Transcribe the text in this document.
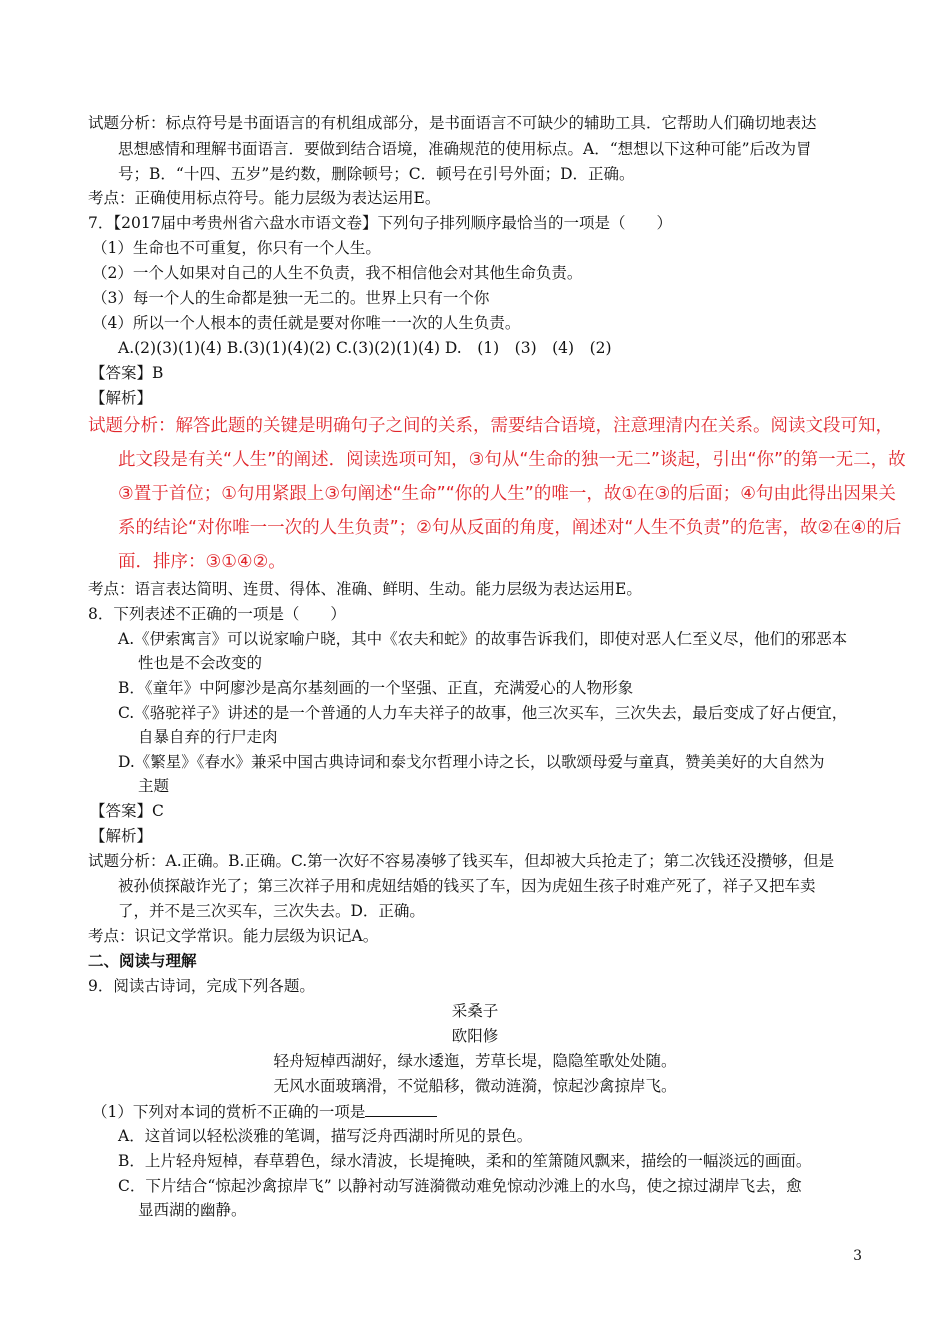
试题分析：标点符号是书面语言的有机组成部分，是书面语言不可缺少的辅助工具．它帮助人们确切地表达
思想感情和理解书面语言．要做到结合语境，准确规范的使用标点。A．“想想以下这种可能”后改为冒
号；B．“十四、五岁”是约数，删除顿号；C．顿号在引号外面；D．正确。
考点：正确使用标点符号。能力层级为表达运用E。
7．【2017届中考贵州省六盘水市语文卷】下列句子排列顺序最恰当的一项是（　　）
（1）生命也不可重复，你只有一个人生。
（2）一个人如果对自己的人生不负责，我不相信他会对其他生命负责。
（3）每一个人的生命都是独一无二的。世界上只有一个你
（4）所以一个人根本的责任就是要对你唯一一次的人生负责。
A.(2)(3)(1)(4) B.(3)(1)(4)(2) C.(3)(2)(1)(4) D.　(1)　(3)　(4)　(2)
【答案】B
【解析】
试题分析：解答此题的关键是明确句子之间的关系，需要结合语境，注意理清内在关系。阅读文段可知，
此文段是有关“人生”的阐述．阅读选项可知，③句从“生命的独一无二”谈起，引出“你”的第一无二，故
③置于首位；①句用紧跟上③句阐述“生命”“你的人生”的唯一，故①在③的后面；④句由此得出因果关
系的结论“对你唯一一次的人生负责”；②句从反面的角度，阐述对“人生不负责”的危害，故②在④的后
面．排序：③①④②。
考点：语言表达简明、连贯、得体、准确、鲜明、生动。能力层级为表达运用E。
8．下列表述不正确的一项是（　　）
A.《伊索寓言》可以说家喻户晓，其中《农夫和蛇》的故事告诉我们，即使对恶人仁至义尽，他们的邪恶本
性也是不会改变的
B．《童年》中阿廖沙是高尔基刻画的一个坚强、正直，充满爱心的人物形象
C.《骆驼祥子》讲述的是一个普通的人力车夫祥子的故事，他三次买车，三次失去，最后变成了好占便宜，
自暴自弃的行尸走肉
D.《繁星》《春水》兼采中国古典诗词和泰戈尔哲理小诗之长，以歌颂母爱与童真，赞美美好的大自然为
主题
【答案】C
【解析】
试题分析：A.正确。B.正确。C.第一次好不容易凑够了钱买车，但却被大兵抢走了；第二次钱还没攒够，但是
被孙侦探敲诈光了；第三次祥子用和虎妞结婚的钱买了车，因为虎妞生孩子时难产死了，祥子又把车卖
了，并不是三次买车，三次失去。D．正确。
考点：识记文学常识。能力层级为识记A。
二、阅读与理解
9．阅读古诗词，完成下列各题。
采桑子
欧阳修
轻舟短棹西湖好，绿水逶迤，芳草长堤，隐隐笙歌处处随。
无风水面玻璃滑，不觉船移，微动涟漪，惊起沙禽掠岸飞。
（1）下列对本词的赏析不正确的一项是
A．这首词以轻松淡雅的笔调，描写泛舟西湖时所见的景色。
B．上片轻舟短棹，春草碧色，绿水清波，长堤掩映，柔和的笙箫随风飘来，描绘的一幅淡远的画面。
C．下片结合“惊起沙禽掠岸飞” 以静衬动写涟漪微动难免惊动沙滩上的水鸟，使之掠过湖岸飞去，愈
显西湖的幽静。
3
